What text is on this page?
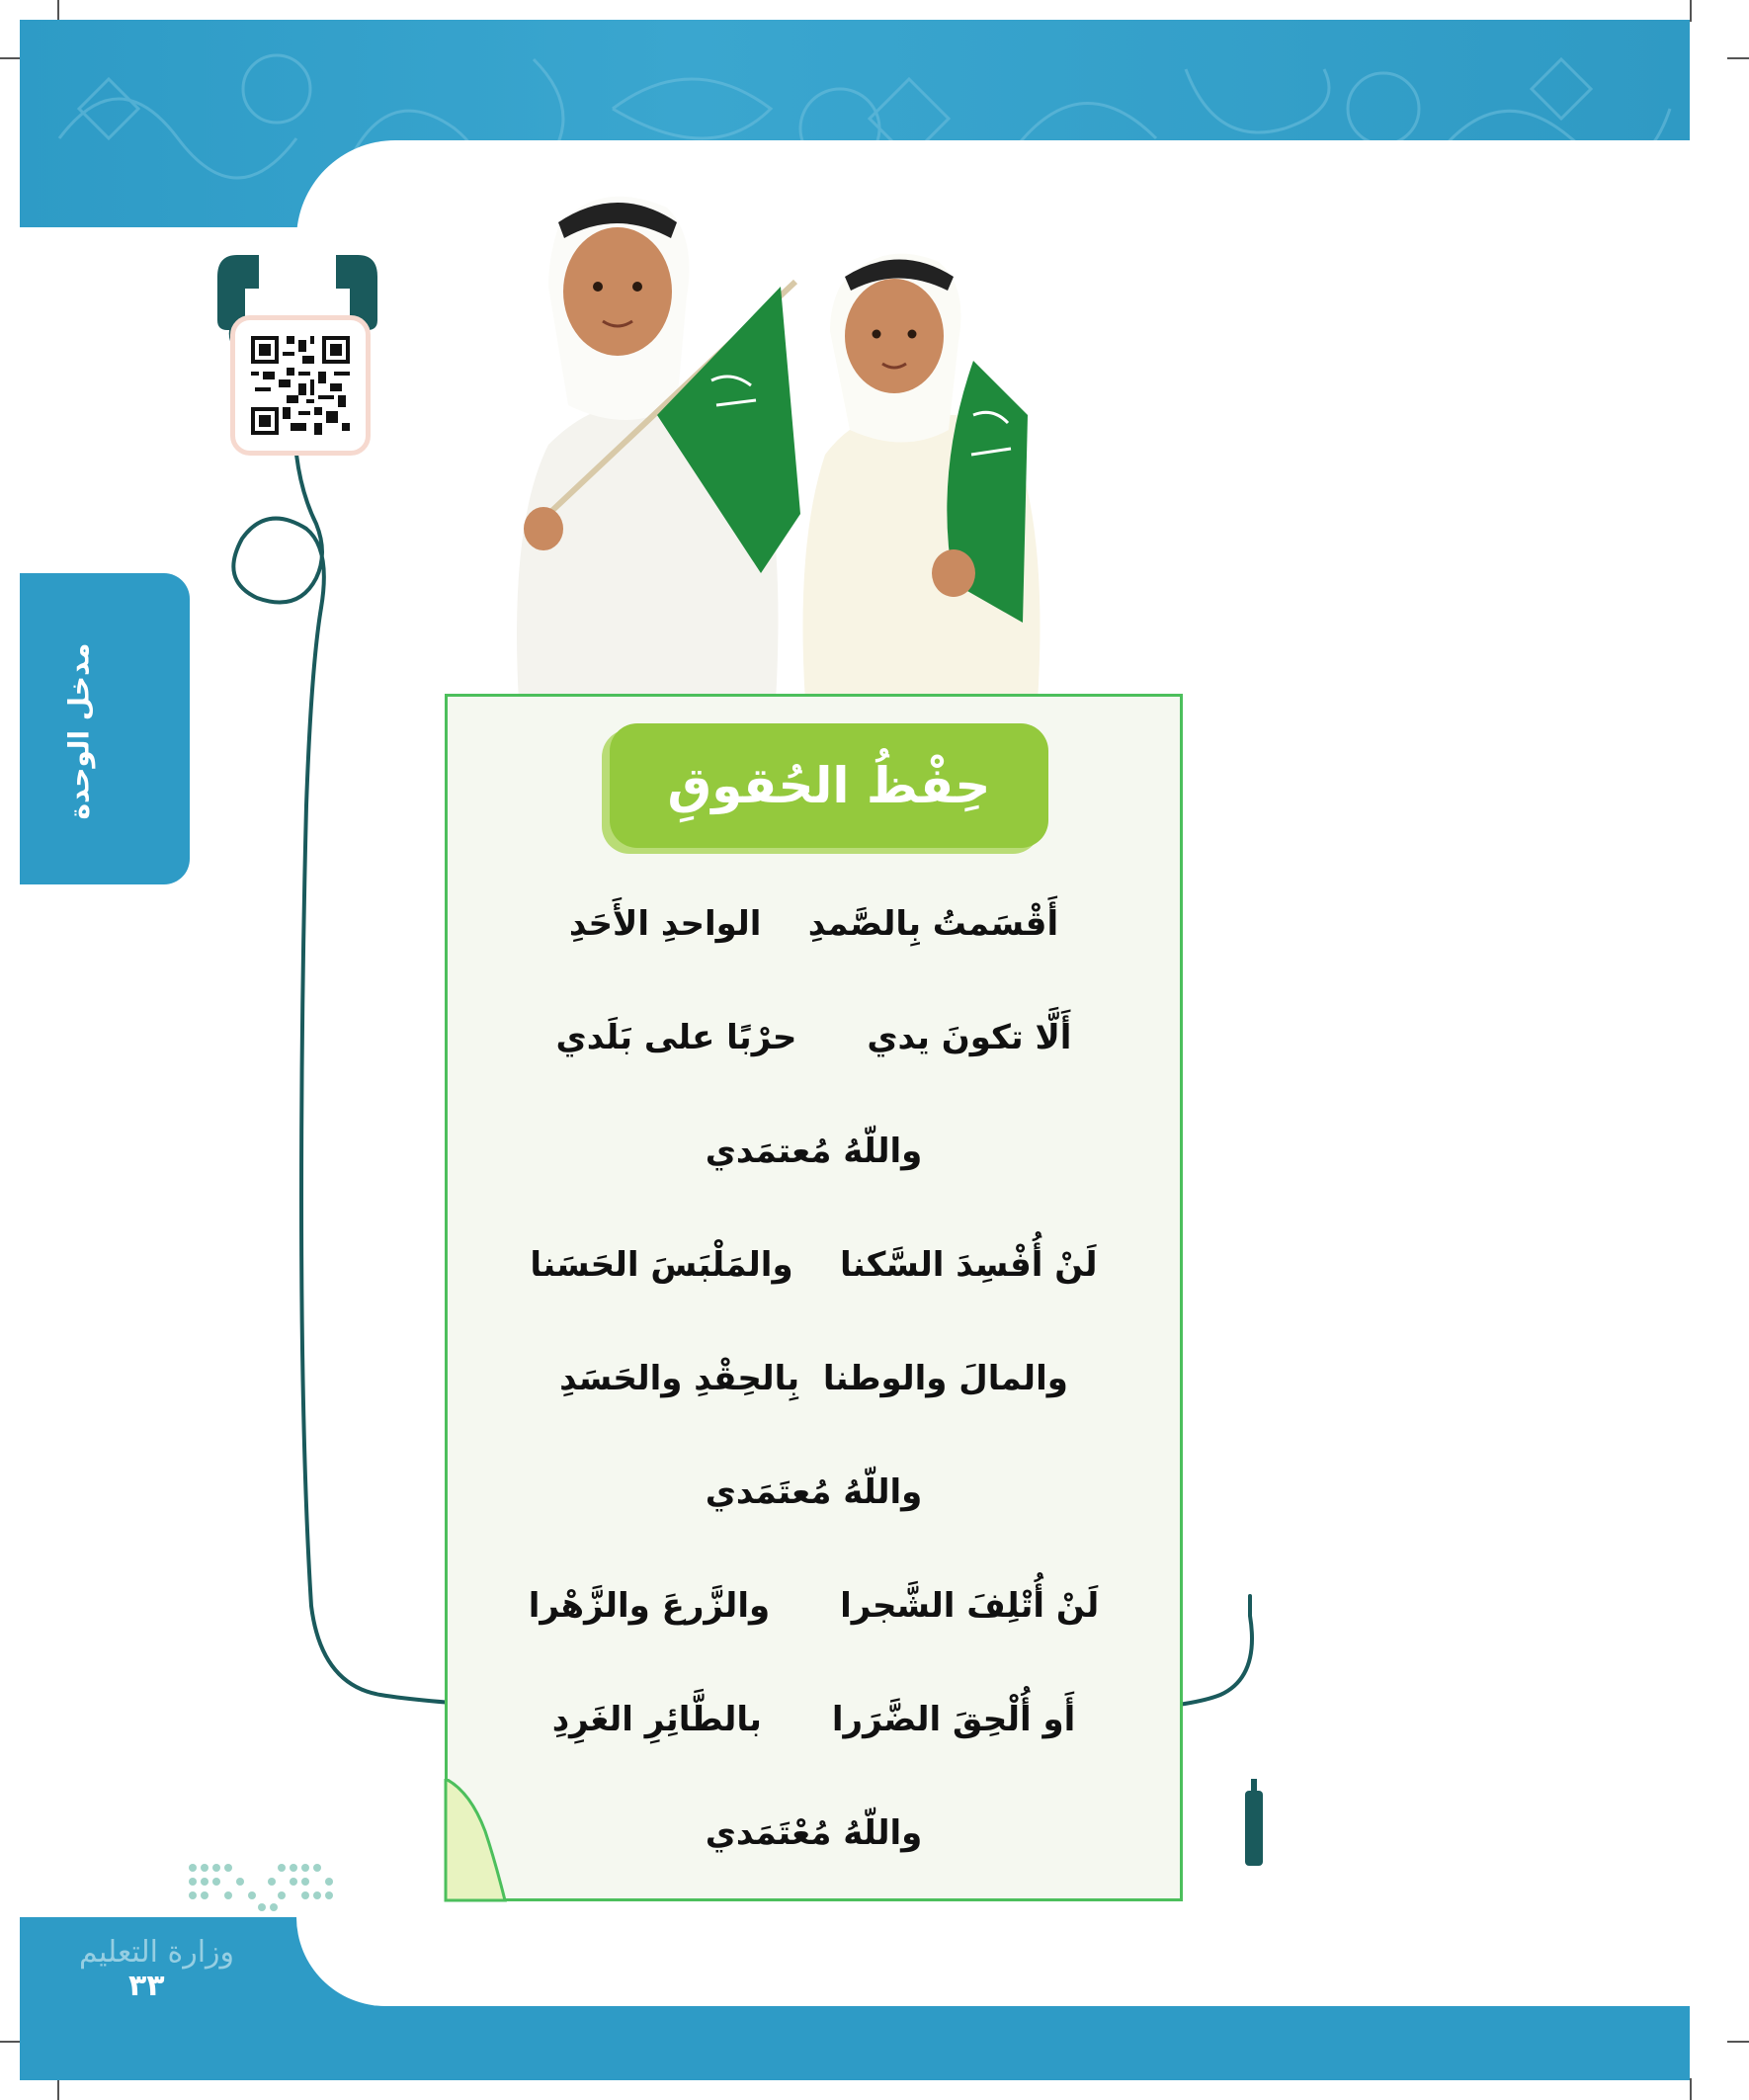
مدخل الوحدة	حِفْظُ الحُقوقِ
أَقْسَمتُ بِالصَّمدِ    الواحدِ الأَحَدِ
أَلَّا تكونَ يدي      حرْبًا على بَلَدي
واللّهُ مُعتمَدي
لَنْ أُفْسِدَ السَّكنا    والمَلْبَسَ الحَسَنا
والمالَ والوطنا  بِالحِقْدِ والحَسَدِ
واللّهُ مُعتَمَدي
لَنْ أُتْلِفَ الشَّجرا      والزَّرعَ والزَّهْرا
أَو أُلْحِقَ الضَّرَرا      بالطَّائِرِ الغَرِدِ
واللّهُ مُعْتَمَدي
وزارة التعليم
٣٣
